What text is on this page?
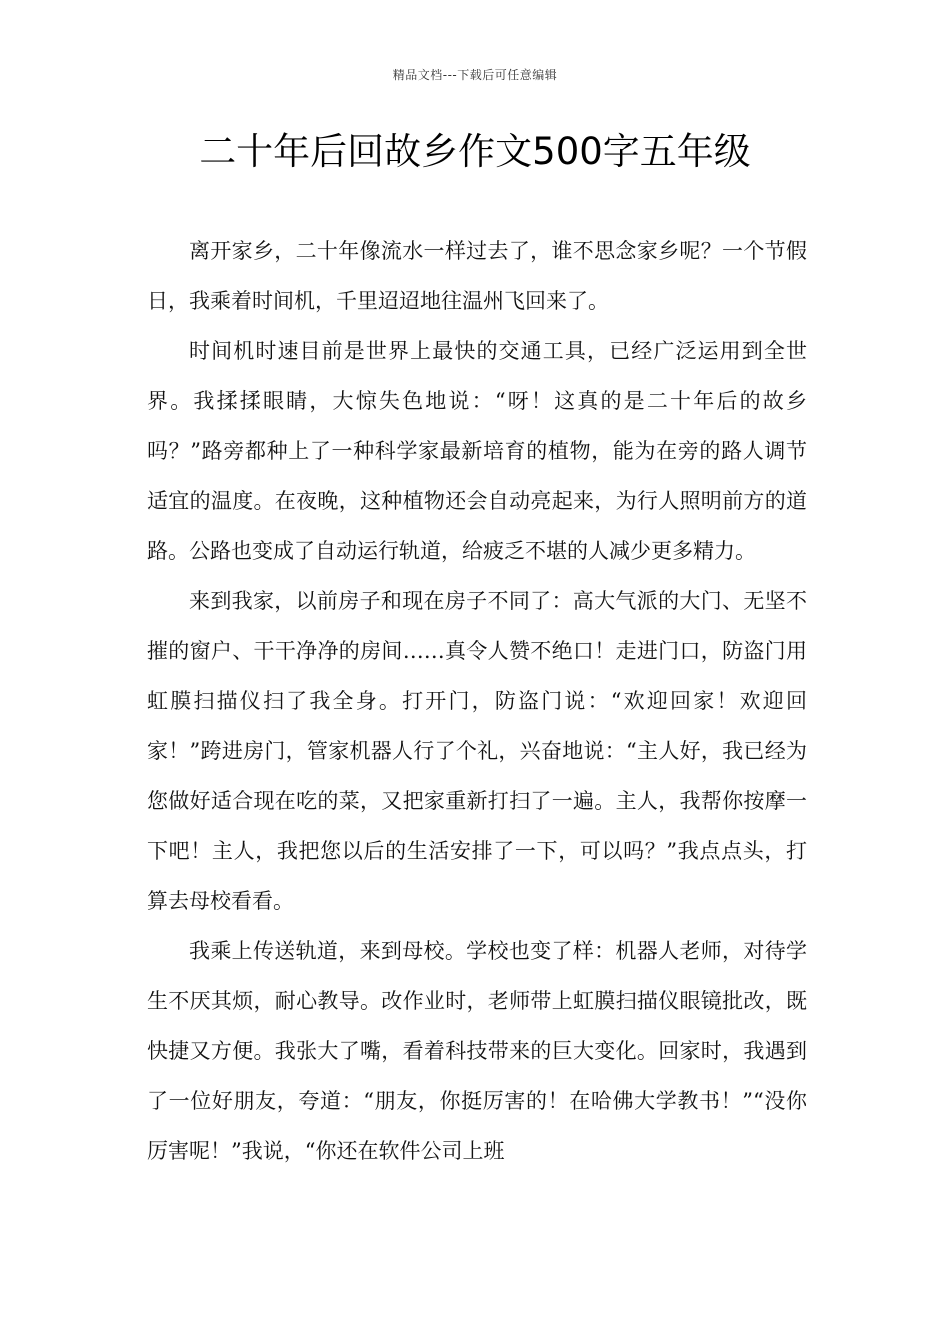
精品文档---下载后可任意编辑
二十年后回故乡作文500字五年级

离开家乡，二十年像流水一样过去了，谁不思念家乡呢？一个节假日，我乘着时间机，千里迢迢地往温州飞回来了。

时间机时速目前是世界上最快的交通工具，已经广泛运用到全世界。我揉揉眼睛，大惊失色地说：“呀！这真的是二十年后的故乡吗？”路旁都种上了一种科学家最新培育的植物，能为在旁的路人调节适宜的温度。在夜晚，这种植物还会自动亮起来，为行人照明前方的道路。公路也变成了自动运行轨道，给疲乏不堪的人减少更多精力。

来到我家，以前房子和现在房子不同了：高大气派的大门、无坚不摧的窗户、干干净净的房间……真令人赞不绝口！走进门口，防盗门用虹膜扫描仪扫了我全身。打开门，防盗门说：“欢迎回家！欢迎回家！”跨进房门，管家机器人行了个礼，兴奋地说：“主人好，我已经为您做好适合现在吃的菜，又把家重新打扫了一遍。主人，我帮你按摩一下吧！主人，我把您以后的生活安排了一下，可以吗？”我点点头，打算去母校看看。

我乘上传送轨道，来到母校。学校也变了样：机器人老师，对待学生不厌其烦，耐心教导。改作业时，老师带上虹膜扫描仪眼镜批改，既快捷又方便。我张大了嘴，看着科技带来的巨大变化。回家时，我遇到了一位好朋友，夸道：“朋友，你挺厉害的！在哈佛大学教书！”“没你厉害呢！”我说，“你还在软件公司上班
